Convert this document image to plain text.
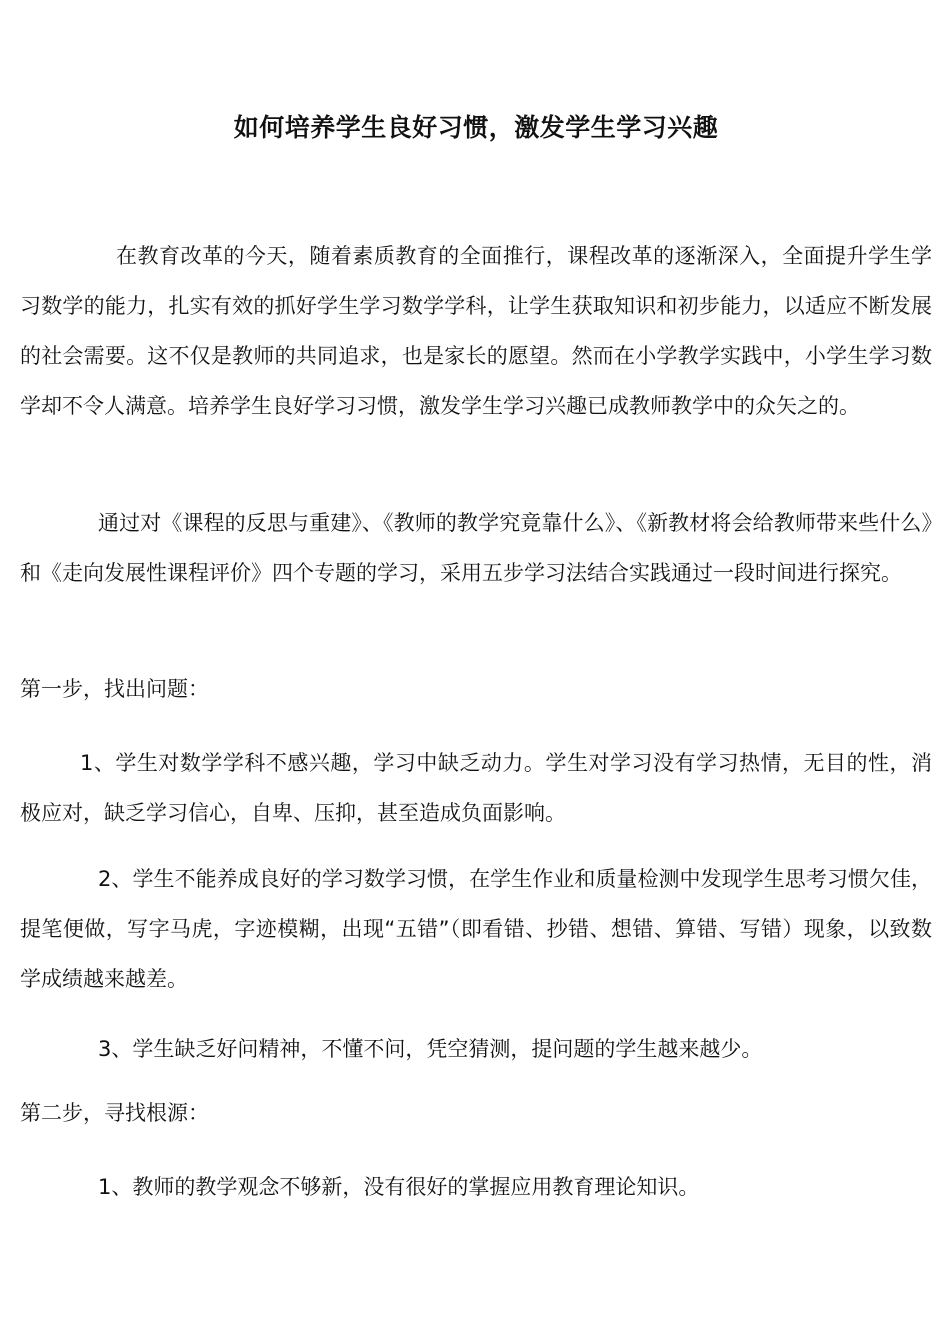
如何培养学生良好习惯，激发学生学习兴趣

在教育改革的今天，随着素质教育的全面推行，课程改革的逐渐深入，全面提升学生学习数学的能力，扎实有效的抓好学生学习数学学科，让学生获取知识和初步能力，以适应不断发展的社会需要。这不仅是教师的共同追求，也是家长的愿望。然而在小学教学实践中，小学生学习数学却不令人满意。培养学生良好学习习惯，激发学生学习兴趣已成教师教学中的众矢之的。

通过对《课程的反思与重建》、《教师的教学究竟靠什么》、《新教材将会给教师带来些什么》和《走向发展性课程评价》四个专题的学习，采用五步学习法结合实践通过一段时间进行探究。

第一步，找出问题：

1、学生对数学学科不感兴趣，学习中缺乏动力。学生对学习没有学习热情，无目的性，消极应对，缺乏学习信心，自卑、压抑，甚至造成负面影响。

2、学生不能养成良好的学习数学习惯，在学生作业和质量检测中发现学生思考习惯欠佳，提笔便做，写字马虎，字迹模糊，出现“五错”（即看错、抄错、想错、算错、写错）现象，以致数学成绩越来越差。

3、学生缺乏好问精神，不懂不问，凭空猜测，提问题的学生越来越少。

第二步，寻找根源：

1、教师的教学观念不够新，没有很好的掌握应用教育理论知识。
